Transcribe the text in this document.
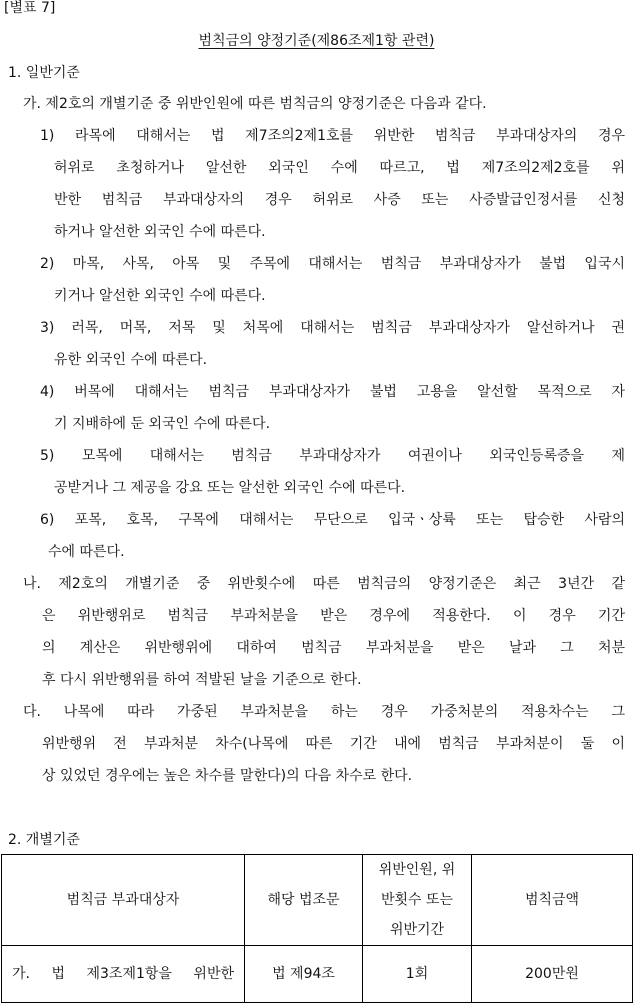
[별표 7]
범칙금의 양정기준(제86조제1항 관련)
1. 일반기준
가. 제2호의 개별기준 중 위반인원에 따른 범칙금의 양정기준은 다음과 같다.
1) 라목에 대해서는 법 제7조의2제1호를 위반한 범칙금 부과대상자의 경우
허위로 초청하거나 알선한 외국인 수에 따르고, 법 제7조의2제2호를 위
반한 범칙금 부과대상자의 경우 허위로 사증 또는 사증발급인정서를 신청
하거나 알선한 외국인 수에 따른다.
2) 마목, 사목, 아목 및 주목에 대해서는 범칙금 부과대상자가 불법 입국시
키거나 알선한 외국인 수에 따른다.
3) 러목, 머목, 저목 및 처목에 대해서는 범칙금 부과대상자가 알선하거나 권
유한 외국인 수에 따른다.
4) 버목에 대해서는 범칙금 부과대상자가 불법 고용을 알선할 목적으로 자
기 지배하에 둔 외국인 수에 따른다.
5) 모목에 대해서는 범칙금 부과대상자가 여권이나 외국인등록증을 제
공받거나 그 제공을 강요 또는 알선한 외국인 수에 따른다.
6) 포목, 호목, 구목에 대해서는 무단으로 입국ㆍ상륙 또는 탑승한 사람의
수에 따른다.
나. 제2호의 개별기준 중 위반횟수에 따른 범칙금의 양정기준은 최근 3년간 같
은 위반행위로 범칙금 부과처분을 받은 경우에 적용한다. 이 경우 기간
의 계산은 위반행위에 대하여 범칙금 부과처분을 받은 날과 그 처분
후 다시 위반행위를 하여 적발된 날을 기준으로 한다.
다. 나목에 따라 가중된 부과처분을 하는 경우 가중처분의 적용차수는 그
위반행위 전 부과처분 차수(나목에 따른 기간 내에 범칙금 부과처분이 둘 이
상 있었던 경우에는 높은 차수를 말한다)의 다음 차수로 한다.
2. 개별기준
범칙금 부과대상자	해당 법조문	위반인원, 위
반횟수 또는
위반기간	범칙금액
가. 법 제3조제1항을 위반한	법 제94조	1회	200만원
